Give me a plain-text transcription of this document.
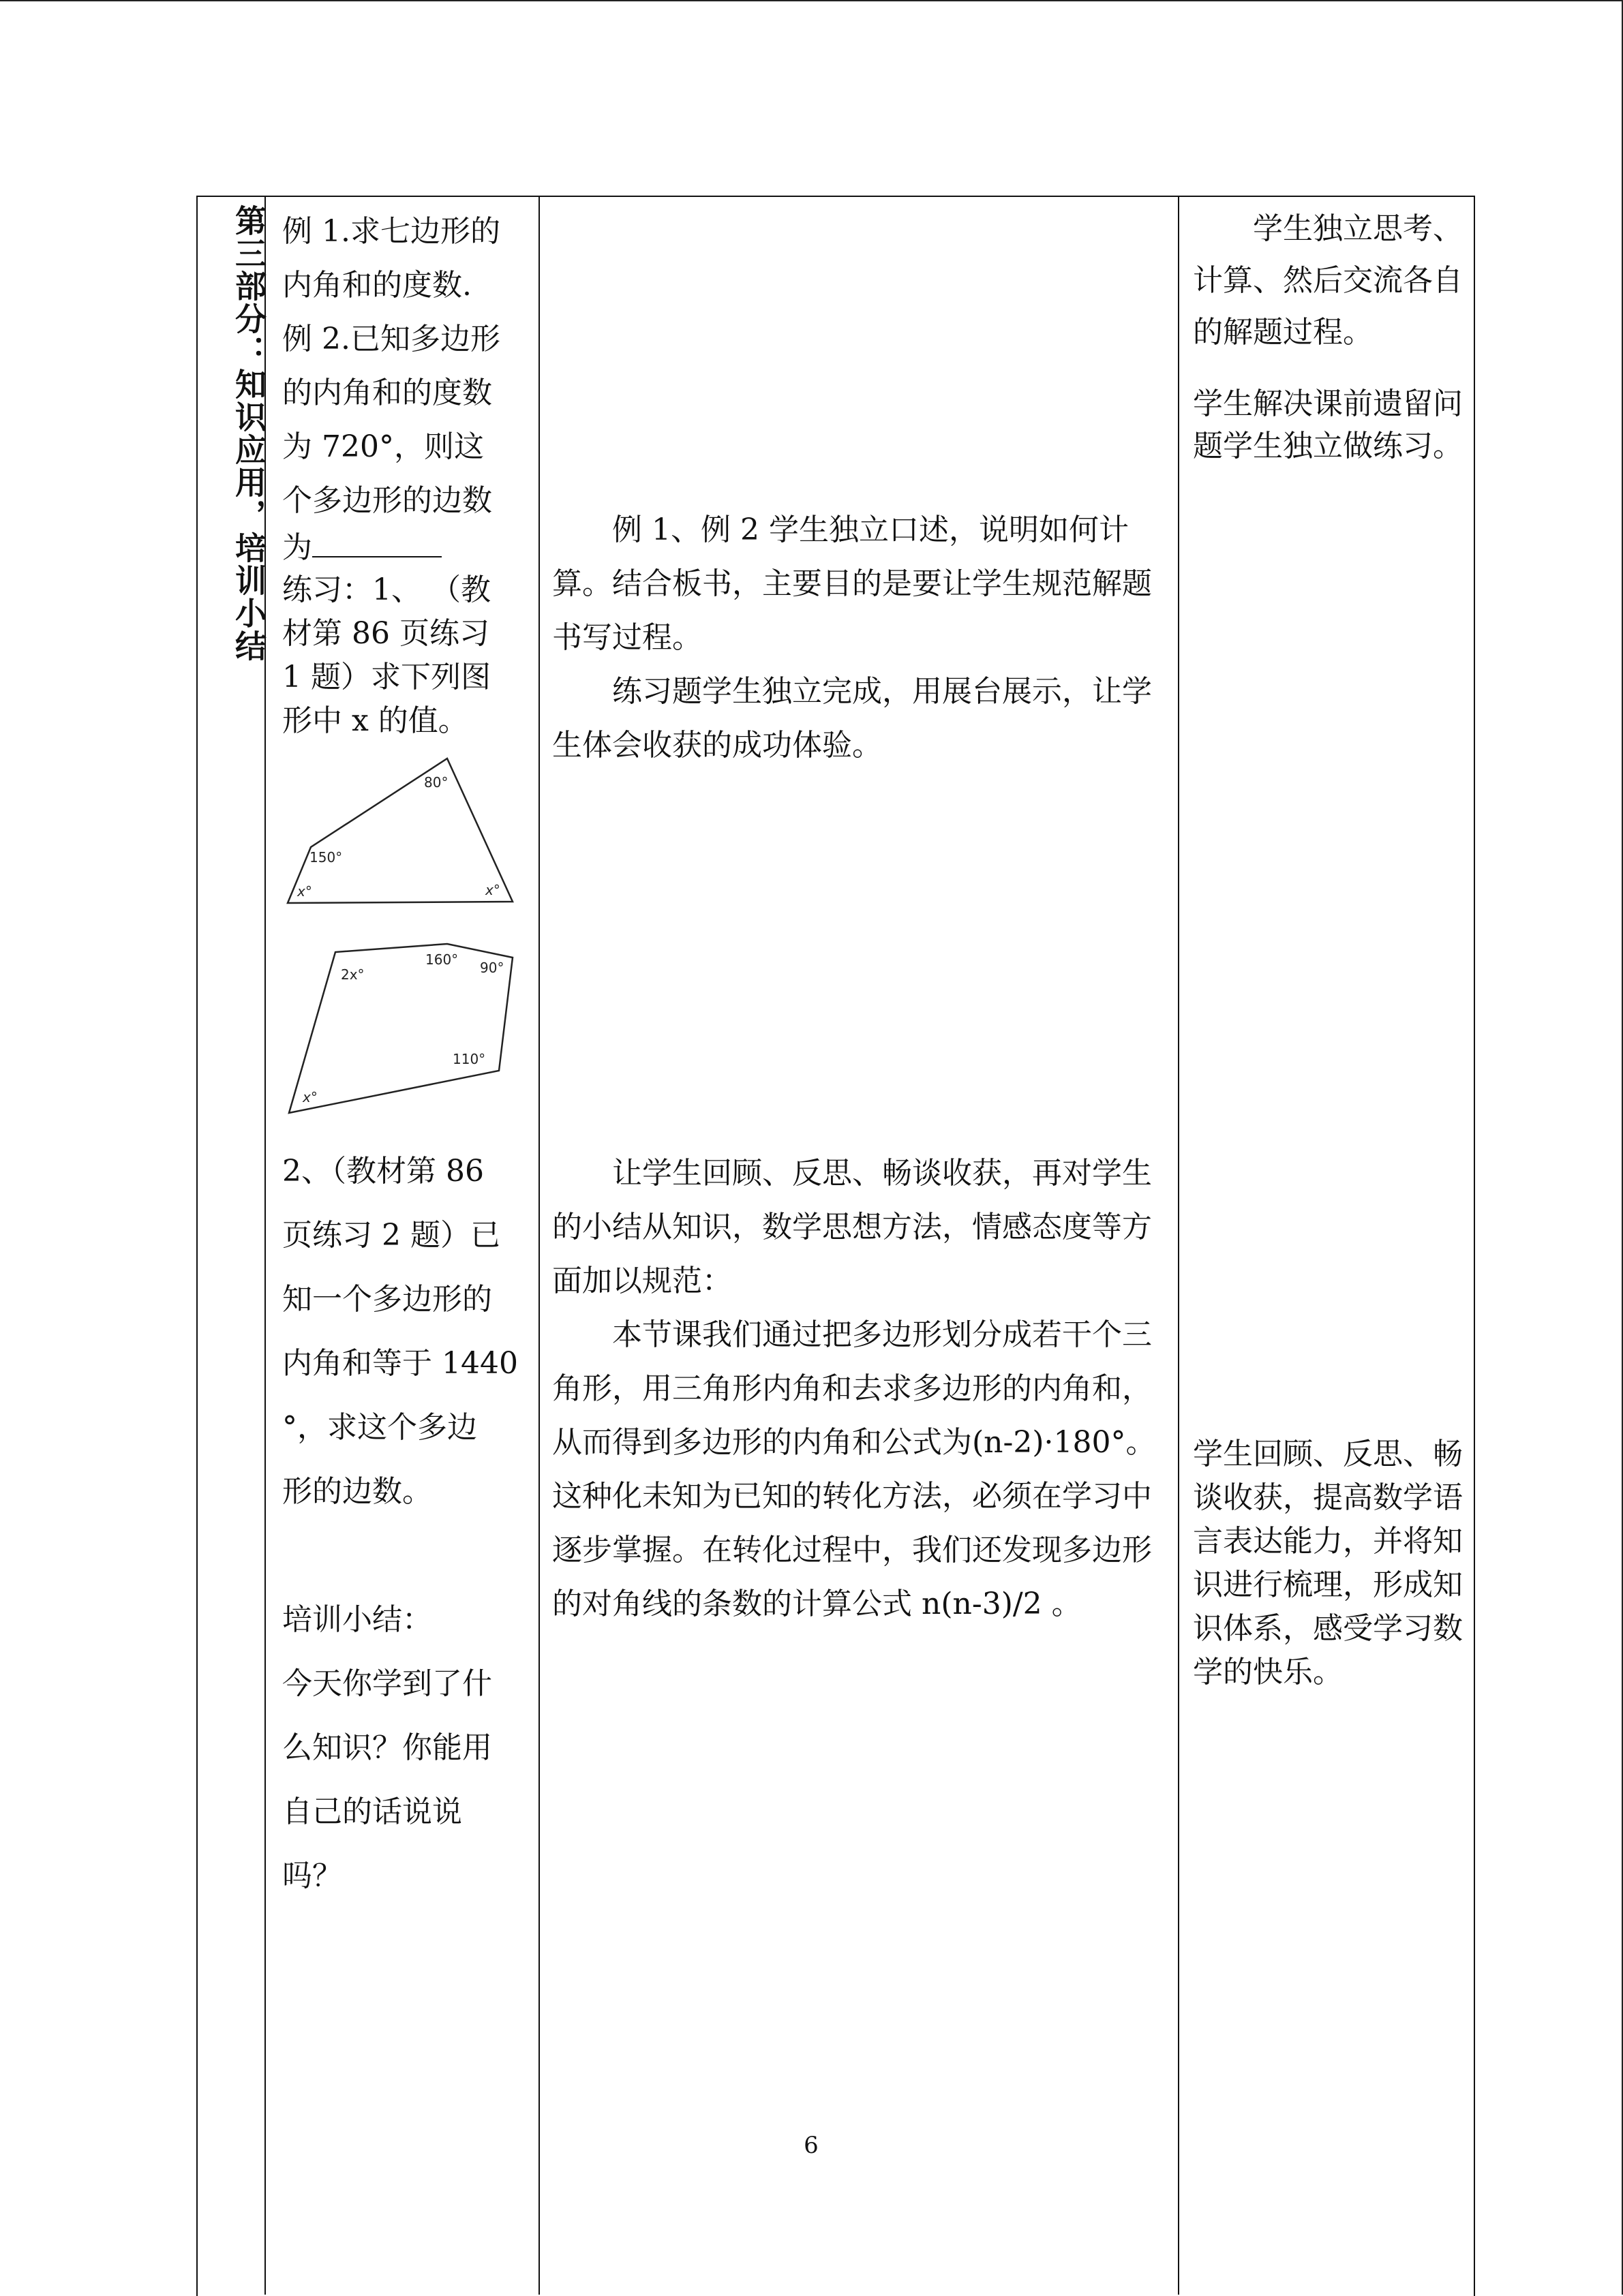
第三部分：知识应用，培训小结 例 1.求七边形的
内角和的度数.
例 2.已知多边形
的内角和的度数
为 720°，则这
个多边形的边数
为
练习：1、 （教
材第 86 页练习
1 题）求下列图
形中 x 的值。
80°
150°
x°	x°
160° 90°
2x°
110°
x°
2、（教材第 86
页练习 2 题）已
知一个多边形的
内角和等于 1440
°，求这个多边
形的边数。
培训小结：
今天你学到了什
么知识？你能用
自己的话说说
吗？

例 1、例 2 学生独立口述，说明如何计算。结合板书，主要目的是要让学生规范解题书写过程。

练习题学生独立完成，用展台展示，让学生体会收获的成功体验。

让学生回顾、反思、畅谈收获，再对学生的小结从知识，数学思想方法，情感态度等方面加以规范：

本节课我们通过把多边形划分成若干个三角形，用三角形内角和去求多边形的内角和，从而得到多边形的内角和公式为(n-2)·180°。这种化未知为已知的转化方法，必须在学习中逐步掌握。在转化过程中，我们还发现多边形的对角线的条数的计算公式 n(n-3)/2 。

学生独立思考、计算、然后交流各自的解题过程。

学生解决课前遗留问题学生独立做练习。

学生回顾、反思、畅谈收获，提高数学语言表达能力，并将知识进行梳理，形成知识体系，感受学习数学的快乐。

6
